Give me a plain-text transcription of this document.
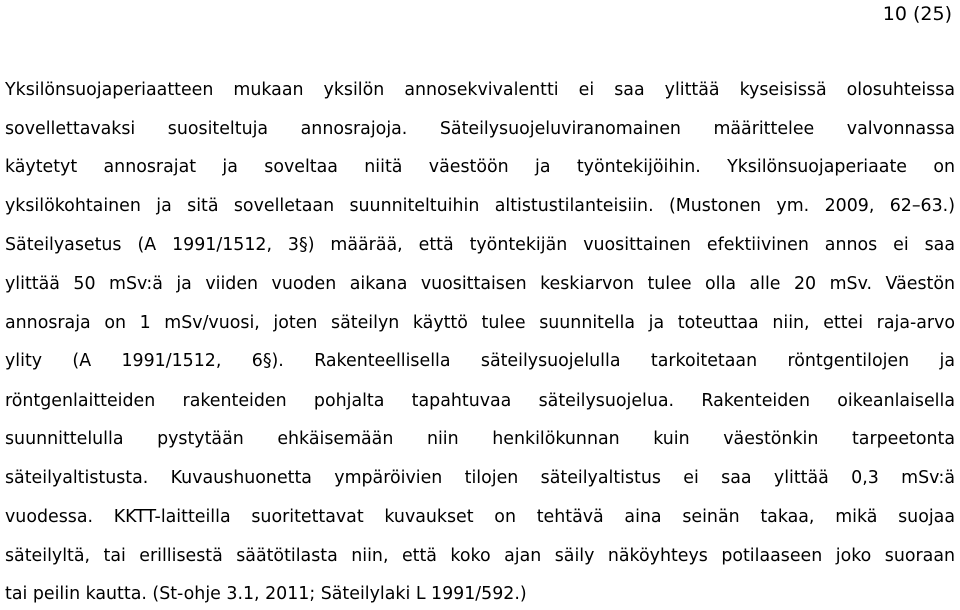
10 (25)
Yksilönsuojaperiaatteen mukaan yksilön annosekvivalentti ei saa ylittää kyseisissä olosuhteissa
sovellettavaksi suositeltuja annosrajoja. Säteilysuojeluviranomainen määrittelee valvonnassa
käytetyt annosrajat ja soveltaa niitä väestöön ja työntekijöihin. Yksilönsuojaperiaate on
yksilökohtainen ja sitä sovelletaan suunniteltuihin altistustilanteisiin. (Mustonen ym. 2009, 62–63.)
Säteilyasetus (A 1991/1512, 3§) määrää, että työntekijän vuosittainen efektiivinen annos ei saa
ylittää 50 mSv:ä ja viiden vuoden aikana vuosittaisen keskiarvon tulee olla alle 20 mSv. Väestön
annosraja on 1 mSv/vuosi, joten säteilyn käyttö tulee suunnitella ja toteuttaa niin, ettei raja-arvo
ylity (A 1991/1512, 6§). Rakenteellisella säteilysuojelulla tarkoitetaan röntgentilojen ja
röntgenlaitteiden rakenteiden pohjalta tapahtuvaa säteilysuojelua. Rakenteiden oikeanlaisella
suunnittelulla pystytään ehkäisemään niin henkilökunnan kuin väestönkin tarpeetonta
säteilyaltistusta. Kuvaushuonetta ympäröivien tilojen säteilyaltistus ei saa ylittää 0,3 mSv:ä
vuodessa. KKTT-laitteilla suoritettavat kuvaukset on tehtävä aina seinän takaa, mikä suojaa
säteilyltä, tai erillisestä säätötilasta niin, että koko ajan säily näköyhteys potilaaseen joko suoraan
tai peilin kautta. (St-ohje 3.1, 2011; Säteilylaki L 1991/592.)
